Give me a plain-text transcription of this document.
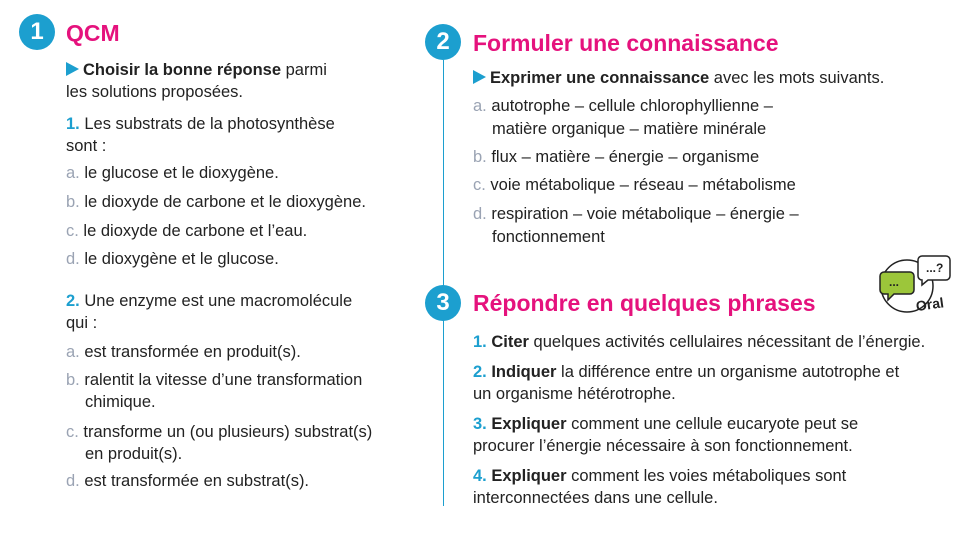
1 QCM
Choisir la bonne réponse parmi
les solutions proposées.
1. Les substrats de la photosynthèse
sont :
a. le glucose et le dioxygène.
b. le dioxyde de carbone et le dioxygène.
c. le dioxyde de carbone et l’eau.
d. le dioxygène et le glucose.
2. Une enzyme est une macromolécule
qui :
a. est transformée en produit(s).
b. ralentit la vitesse d’une transformation
chimique.
c. transforme un (ou plusieurs) substrat(s)
en produit(s).
d. est transformée en substrat(s).
2	Formuler une connaissance
Exprimer une connaissance avec les mots suivants.
a. autotrophe – cellule chlorophyllienne –
matière organique – matière minérale
b. flux – matière – énergie – organisme
c. voie métabolique – réseau – métabolisme
d. respiration – voie métabolique – énergie –
fonctionnement
3	Répondre en quelques phrases
...?
...
Oral
1. Citer quelques activités cellulaires nécessitant de l’énergie.
2. Indiquer la différence entre un organisme autotrophe et
un organisme hétérotrophe.
3. Expliquer comment une cellule eucaryote peut se
procurer l’énergie nécessaire à son fonctionnement.
4. Expliquer comment les voies métaboliques sont
interconnectées dans une cellule.
